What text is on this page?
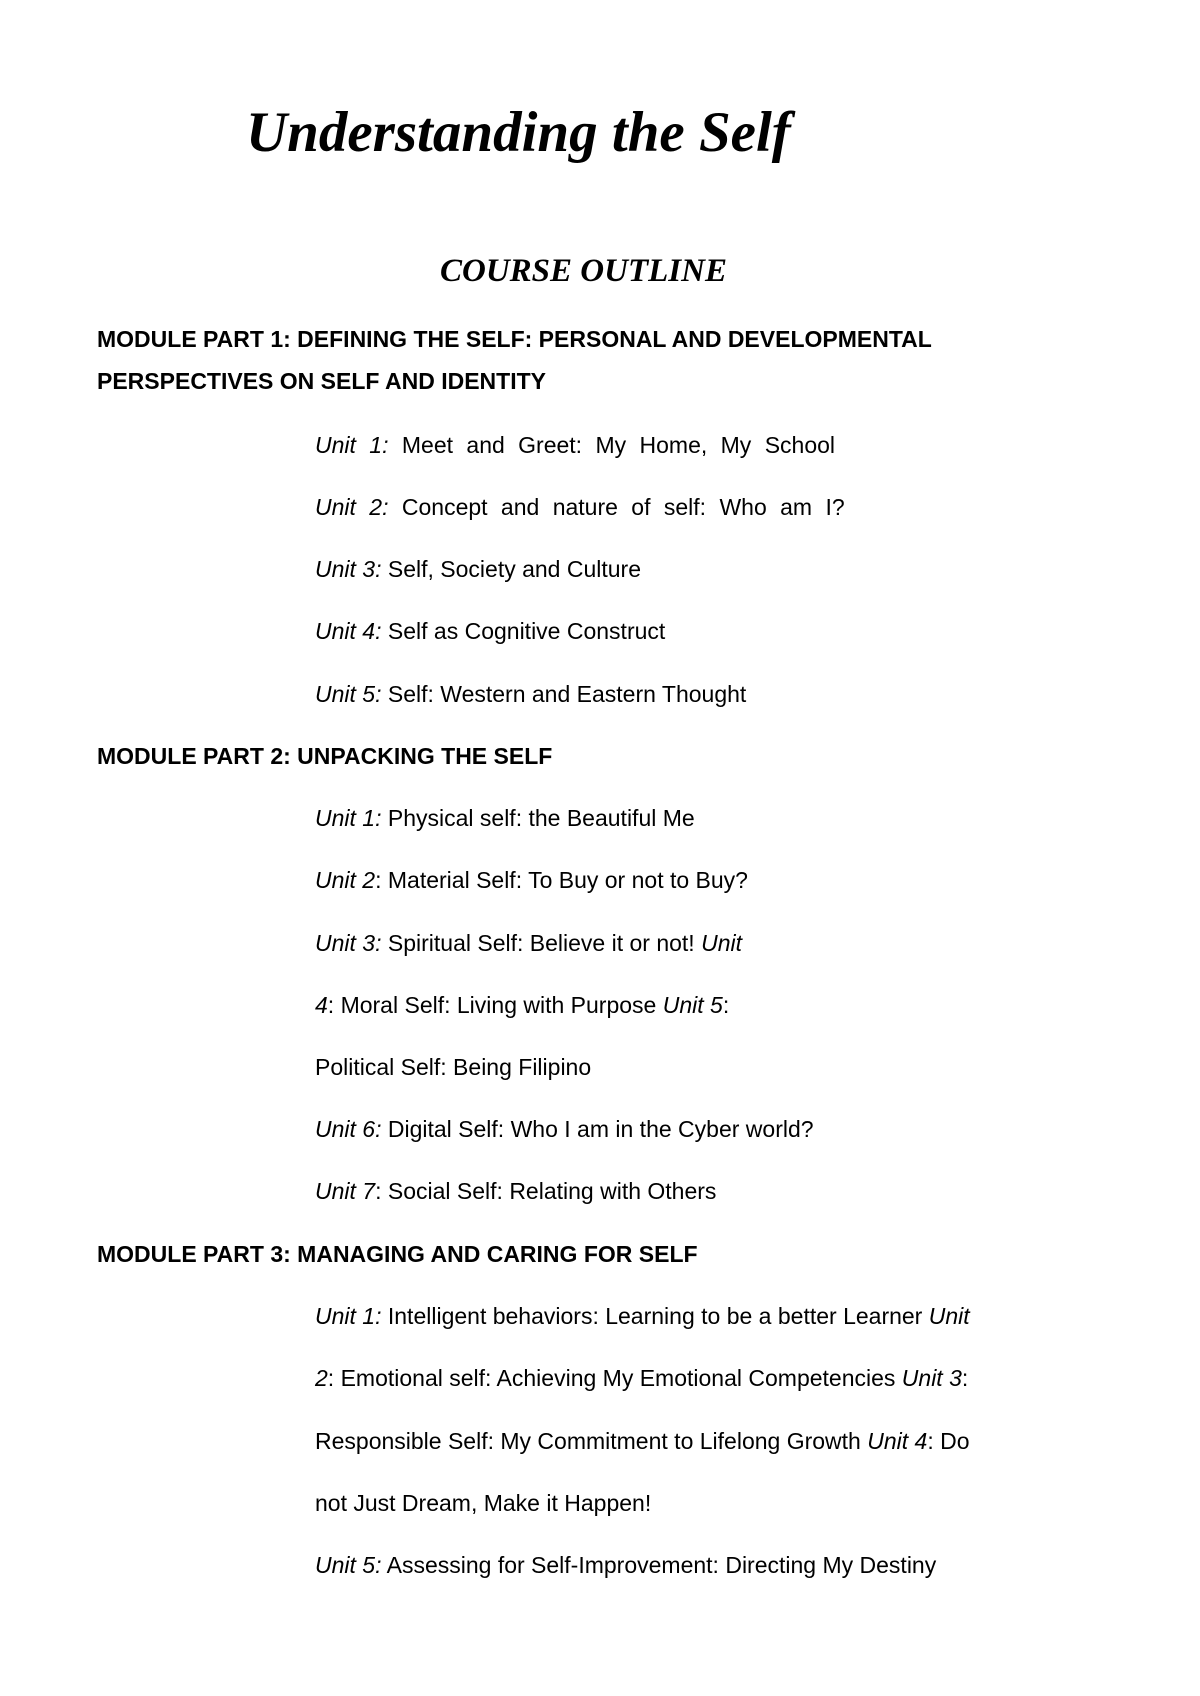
Understanding the Self
COURSE OUTLINE
MODULE PART 1: DEFINING THE SELF: PERSONAL AND DEVELOPMENTAL
PERSPECTIVES ON SELF AND IDENTITY
Unit 1: Meet and Greet: My Home, My School
Unit 2: Concept and nature of self: Who am I?
Unit 3: Self, Society and Culture
Unit 4: Self as Cognitive Construct
Unit 5: Self: Western and Eastern Thought
MODULE PART 2: UNPACKING THE SELF
Unit 1: Physical self: the Beautiful Me
Unit 2: Material Self: To Buy or not to Buy?
Unit 3: Spiritual Self: Believe it or not! Unit
4: Moral Self: Living with Purpose Unit 5:
Political Self: Being Filipino
Unit 6: Digital Self: Who I am in the Cyber world?
Unit 7: Social Self: Relating with Others
MODULE PART 3: MANAGING AND CARING FOR SELF
Unit 1: Intelligent behaviors: Learning to be a better Learner Unit
2: Emotional self: Achieving My Emotional Competencies Unit 3:
Responsible Self: My Commitment to Lifelong Growth Unit 4: Do
not Just Dream, Make it Happen!
Unit 5: Assessing for Self-Improvement: Directing My Destiny
